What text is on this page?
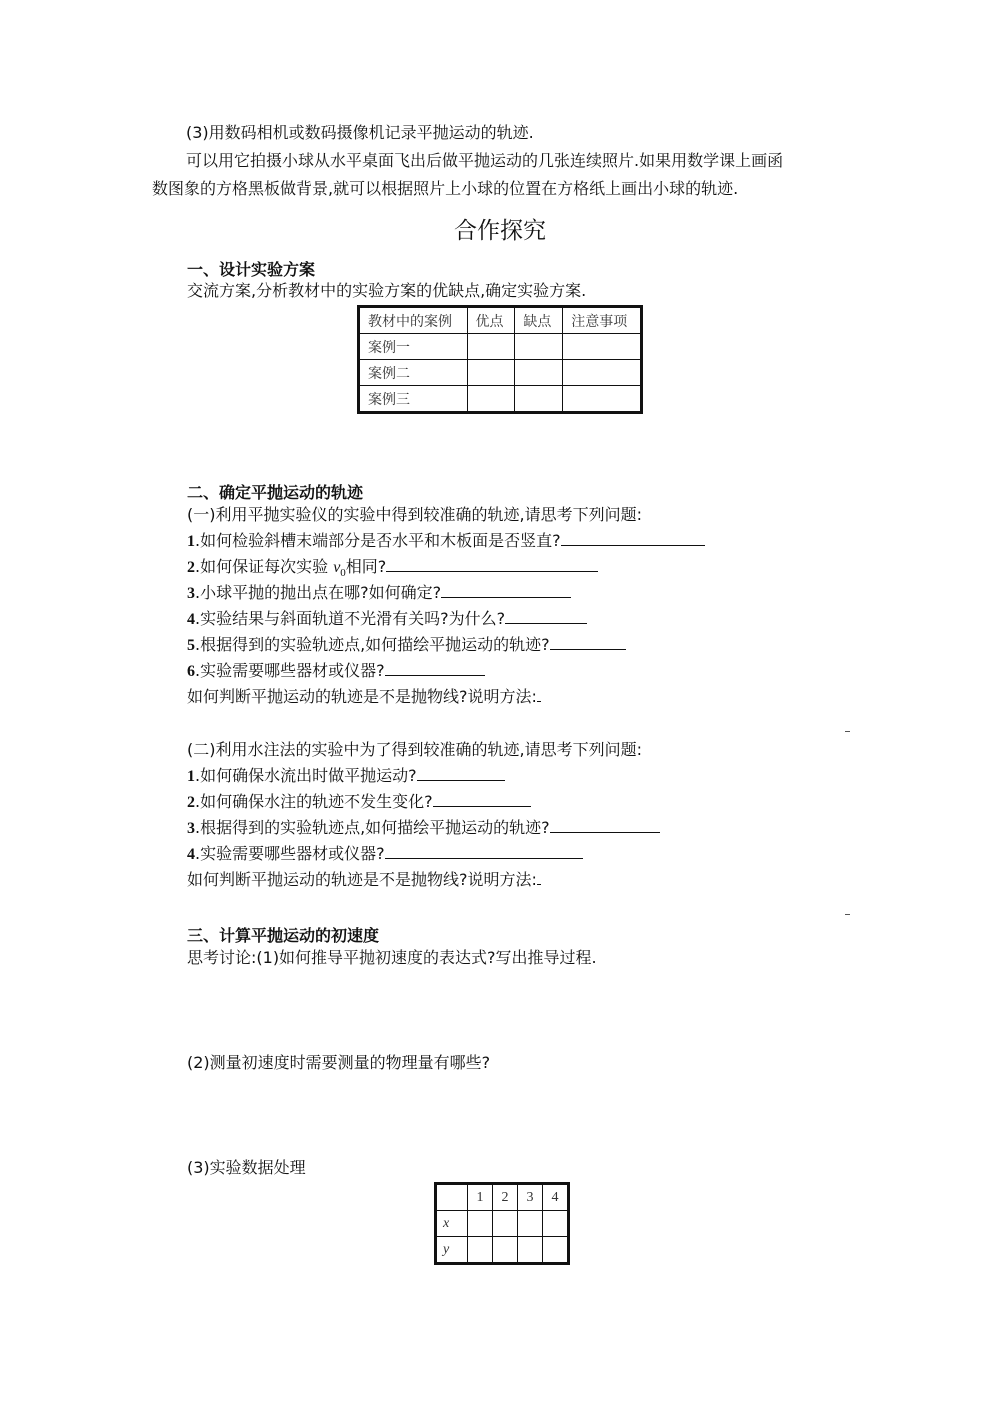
(3)用数码相机或数码摄像机记录平抛运动的轨迹.
可以用它拍摄小球从水平桌面飞出后做平抛运动的几张连续照片.如果用数学课上画函
数图象的方格黑板做背景,就可以根据照片上小球的位置在方格纸上画出小球的轨迹.
合作探究
一、设计实验方案
交流方案,分析教材中的实验方案的优缺点,确定实验方案.
教材中的案例	优点	缺点	注意事项
案例一			
案例二			
案例三			
二、确定平抛运动的轨迹
(一)利用平抛实验仪的实验中得到较准确的轨迹,请思考下列问题:
1.如何检验斜槽末端部分是否水平和木板面是否竖直?
2.如何保证每次实验 $v_0$相同?
3.小球平抛的抛出点在哪?如何确定?
4.实验结果与斜面轨道不光滑有关吗?为什么?
5.根据得到的实验轨迹点,如何描绘平抛运动的轨迹?
6.实验需要哪些器材或仪器?
如何判断平抛运动的轨迹是不是抛物线?说明方法:
(二)利用水注法的实验中为了得到较准确的轨迹,请思考下列问题:
1.如何确保水流出时做平抛运动?
2.如何确保水注的轨迹不发生变化?
3.根据得到的实验轨迹点,如何描绘平抛运动的轨迹?
4.实验需要哪些器材或仪器?
如何判断平抛运动的轨迹是不是抛物线?说明方法:
三、计算平抛运动的初速度
思考讨论:(1)如何推导平抛初速度的表达式?写出推导过程.
(2)测量初速度时需要测量的物理量有哪些?
(3)实验数据处理
	1	2	3	4
x				
y				
